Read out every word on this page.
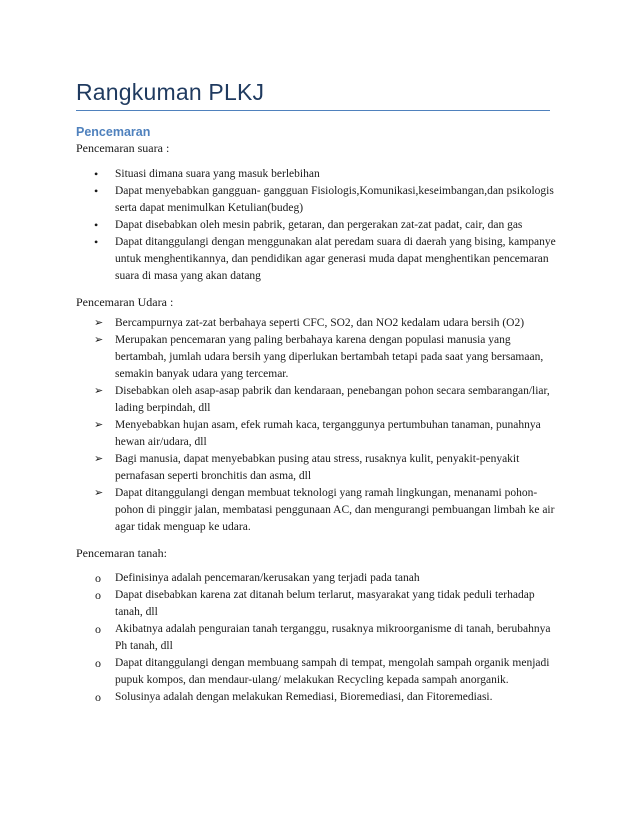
Rangkuman PLKJ
Pencemaran
Pencemaran suara :
• Situasi dimana suara yang masuk berlebihan
• Dapat menyebabkan gangguan- gangguan Fisiologis,Komunikasi,keseimbangan,dan psikologis serta dapat menimulkan Ketulian(budeg)
• Dapat disebabkan oleh mesin pabrik, getaran, dan pergerakan zat-zat padat, cair, dan gas
• Dapat ditanggulangi dengan menggunakan alat peredam suara di daerah yang bising, kampanye untuk menghentikannya, dan pendidikan agar generasi muda dapat menghentikan pencemaran suara di masa yang akan datang
Pencemaran Udara :
➢ Bercampurnya zat-zat berbahaya seperti CFC, SO2, dan NO2 kedalam udara bersih (O2)
➢ Merupakan pencemaran yang paling berbahaya karena dengan populasi manusia yang bertambah, jumlah udara bersih yang diperlukan bertambah tetapi pada saat yang bersamaan, semakin banyak udara yang tercemar.
➢ Disebabkan oleh asap-asap pabrik dan kendaraan, penebangan pohon secara sembarangan/liar, lading berpindah, dll
➢ Menyebabkan hujan asam, efek rumah kaca, terganggunya pertumbuhan tanaman, punahnya hewan air/udara, dll
➢ Bagi manusia, dapat menyebabkan pusing atau stress, rusaknya kulit, penyakit-penyakit pernafasan seperti bronchitis dan asma, dll
➢ Dapat ditanggulangi dengan membuat teknologi yang ramah lingkungan, menanami pohon-pohon di pinggir jalan, membatasi penggunaan AC, dan mengurangi pembuangan limbah ke air agar tidak menguap ke udara.
Pencemaran tanah:
o Definisinya adalah pencemaran/kerusakan yang terjadi pada tanah
o Dapat disebabkan karena zat ditanah belum terlarut, masyarakat yang tidak peduli terhadap tanah, dll
o Akibatnya adalah penguraian tanah terganggu, rusaknya mikroorganisme di tanah, berubahnya Ph tanah, dll
o Dapat ditanggulangi dengan membuang sampah di tempat, mengolah sampah organik menjadi pupuk kompos, dan mendaur-ulang/ melakukan Recycling kepada sampah anorganik.
o Solusinya adalah dengan melakukan Remediasi, Bioremediasi, dan Fitoremediasi.
